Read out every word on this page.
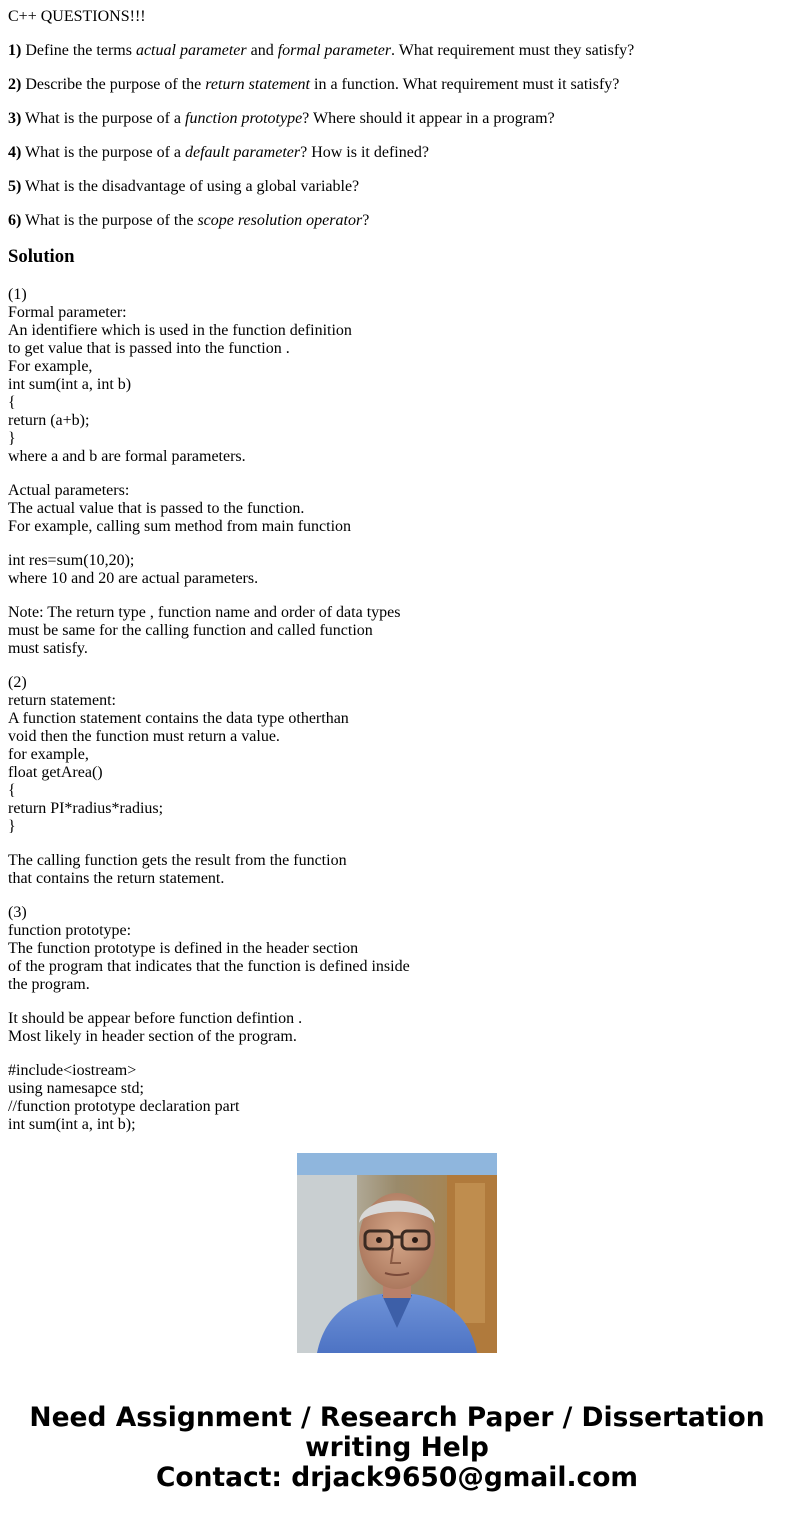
C++ QUESTIONS!!!

1) Define the terms actual parameter and formal parameter. What requirement must they satisfy?

2) Describe the purpose of the return statement in a function. What requirement must it satisfy?

3) What is the purpose of a function prototype? Where should it appear in a program?

4) What is the purpose of a default parameter? How is it defined?

5) What is the disadvantage of using a global variable?

6) What is the purpose of the scope resolution operator?

Solution

(1)
Formal parameter:
An identifiere which is used in the function definition
to get value that is passed into the function .
For example,
int sum(int a, int b)
{
return (a+b);
}
where a and b are formal parameters.
Actual parameters:
The actual value that is passed to the function.
For example, calling sum method from main function
int res=sum(10,20);
where 10 and 20 are actual parameters.
Note: The return type , function name and order of data types
must be same for the calling function and called function
must satisfy.
(2)
return statement:
A function statement contains the data type otherthan
void then the function must return a value.
for example,
float getArea()
{
return PI*radius*radius;
}
The calling function gets the result from the function
that contains the return statement.
(3)
function prototype:
The function prototype is defined in the header section
of the program that indicates that the function is defined inside
the program.
It should be appear before function defintion .
Most likely in header section of the program.
#include<iostream>
using namesapce std;
//function prototype declaration part
int sum(int a, int b);
Need Assignment / Research Paper / Dissertation
writing Help
Contact: drjack9650@gmail.com
